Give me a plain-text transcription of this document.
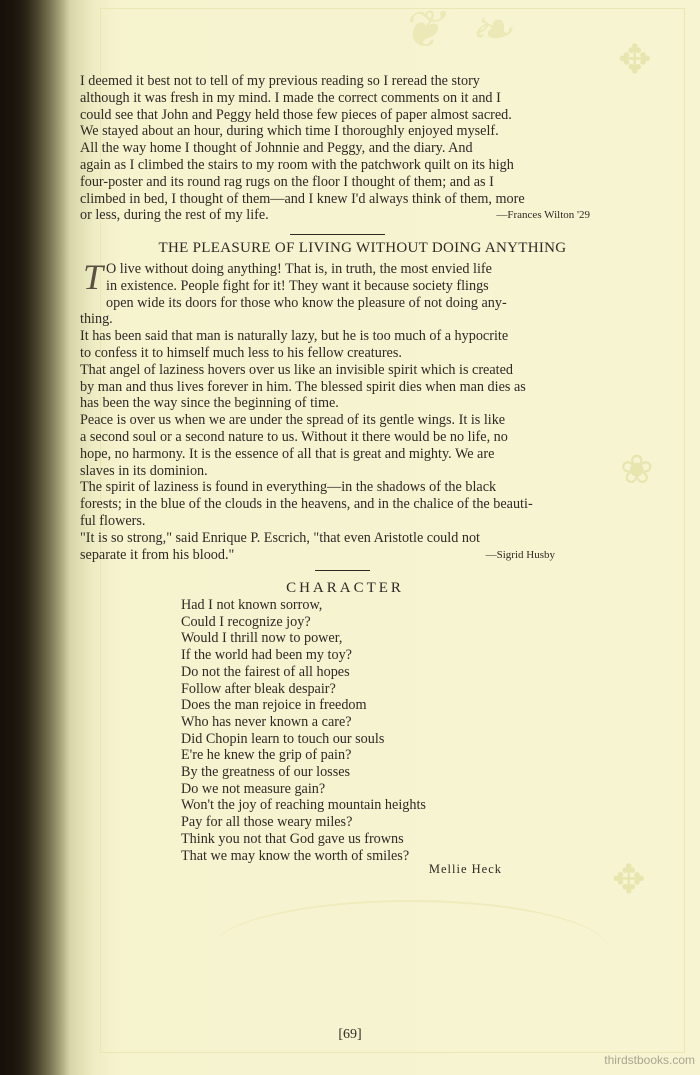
❦ ❧
✥
❀
✥
I deemed it best not to tell of my previous reading so I reread the story
although it was fresh in my mind. I made the correct comments on it and I
could see that John and Peggy held those few pieces of paper almost sacred.
We stayed about an hour, during which time I thoroughly enjoyed myself.
All the way home I thought of Johnnie and Peggy, and the diary. And
again as I climbed the stairs to my room with the patchwork quilt on its high
four-poster and its round rag rugs on the floor I thought of them; and as I
climbed in bed, I thought of them—and I knew I'd always think of them, more
or less, during the rest of my life.	—Frances Wilton '29
THE PLEASURE OF LIVING WITHOUT DOING ANYTHING
T O live without doing anything! That is, in truth, the most envied life
in existence. People fight for it! They want it because society flings
open wide its doors for those who know the pleasure of not doing any-
thing.
It has been said that man is naturally lazy, but he is too much of a hypocrite
to confess it to himself much less to his fellow creatures.
That angel of laziness hovers over us like an invisible spirit which is created
by man and thus lives forever in him. The blessed spirit dies when man dies as
has been the way since the beginning of time.
Peace is over us when we are under the spread of its gentle wings. It is like
a second soul or a second nature to us. Without it there would be no life, no
hope, no harmony. It is the essence of all that is great and mighty. We are
slaves in its dominion.
The spirit of laziness is found in everything—in the shadows of the black
forests; in the blue of the clouds in the heavens, and in the chalice of the beauti-
ful flowers.
"It is so strong," said Enrique P. Escrich, "that even Aristotle could not
separate it from his blood."	—Sigrid Husby
CHARACTER
Had I not known sorrow,
Could I recognize joy?
Would I thrill now to power,
If the world had been my toy?
Do not the fairest of all hopes
Follow after bleak despair?
Does the man rejoice in freedom
Who has never known a care?
Did Chopin learn to touch our souls
E're he knew the grip of pain?
By the greatness of our losses
Do we not measure gain?
Won't the joy of reaching mountain heights
Pay for all those weary miles?
Think you not that God gave us frowns
That we may know the worth of smiles?
Mellie Heck
[69]
thirdstbooks.com
